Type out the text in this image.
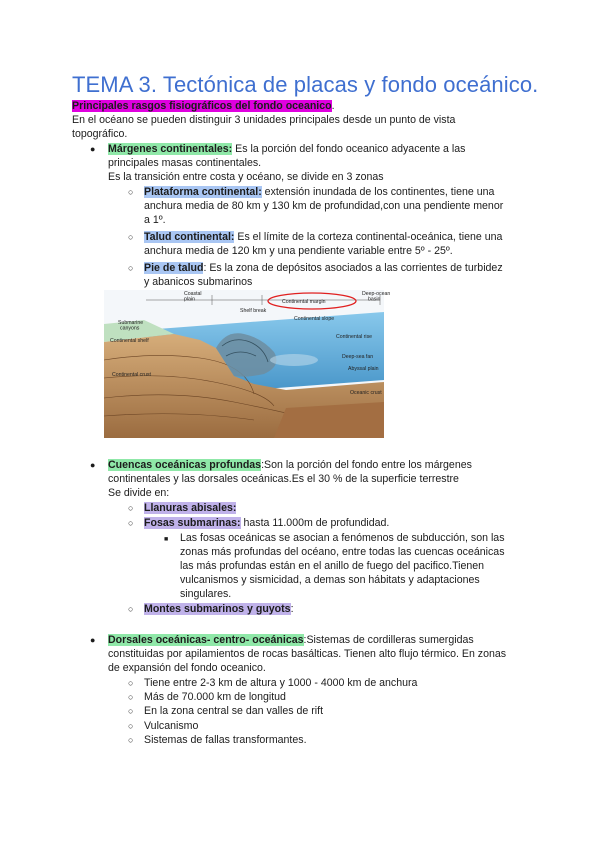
TEMA 3. Tectónica de placas y fondo oceánico.
Principales rasgos fisiográficos del fondo oceanico.
En el océano se pueden distinguir 3 unidades principales desde un punto de vista
topográfico.
●
Márgenes continentales: Es la porción del fondo oceanico adyacente a las
principales masas continentales.
Es la transición entre costa y océano, se divide en 3 zonas
○
Plataforma continental: extensión inundada de los continentes, tiene una
anchura media de 80 km y 130 km de profundidad,con una pendiente menor
a 1º.
○
Talud continental: Es el límite de la corteza continental-oceánica, tiene una
anchura media de 120 km y una pendiente variable entre 5º - 25º.
○
Pie de talud: Es la zona de depósitos asociados a las corrientes de turbidez
y abanicos submarinos
Coastal plain	Continental margin
Deep-ocean basin
Shelf break
Continental slope
Submarine canyons
Continental shelf
Continental rise
Deep-sea fan
Abyssal plain
Continental crust
Oceanic crust
●
Cuencas oceánicas profundas:Son la porción del fondo entre los márgenes
continentales y las dorsales oceánicas.Es el 30 % de la superficie terrestre
Se divide en:
○
Llanuras abisales:
○
Fosas submarinas: hasta 11.000m de profundidad.
■
Las fosas oceánicas se asocian a fenómenos de subducción, son las
zonas más profundas del océano, entre todas las cuencas oceánicas
las más profundas están en el anillo de fuego del pacifico.Tienen
vulcanismos y sismicidad, a demas son hábitats y adaptaciones
singulares.
○
Montes submarinos y guyots:
●
Dorsales oceánicas- centro- oceánicas:Sistemas de cordilleras sumergidas
constituidas por apilamientos de rocas basálticas. Tienen alto flujo térmico. En zonas
de expansión del fondo oceanico.
○
Tiene entre 2-3 km de altura y 1000 - 4000 km de anchura
○
Más de 70.000 km de longitud
○
En la zona central se dan valles de rift
○
Vulcanismo
○
Sistemas de fallas transformantes.
